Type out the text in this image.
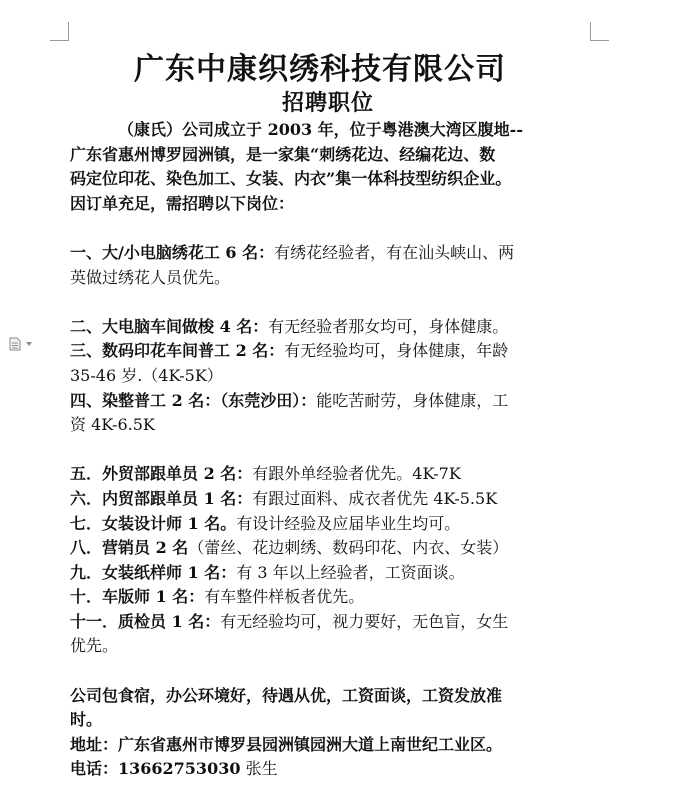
广东中康织绣科技有限公司
招聘职位
（康氏）公司成立于 2003 年，位于粤港澳大湾区腹地--
广东省惠州博罗园洲镇，是一家集“刺绣花边、经编花边、数
码定位印花、染色加工、女装、内衣”集一体科技型纺织企业。
因订单充足，需招聘以下岗位：
一、大/小电脑绣花工 6 名：有绣花经验者，有在汕头峡山、两
英做过绣花人员优先。
二、大电脑车间做梭 4 名：有无经验者那女均可，身体健康。
三、数码印花车间普工 2 名：有无经验均可，身体健康，年龄
35-46 岁.（4K-5K）
四、染整普工 2 名：（东莞沙田）：能吃苦耐劳，身体健康，工
资 4K-6.5K
五．外贸部跟单员 2 名：有跟外单经验者优先。4K-7K
六．内贸部跟单员 1 名：有跟过面料、成衣者优先 4K-5.5K
七．女装设计师 1 名。有设计经验及应届毕业生均可。
八．营销员 2 名（蕾丝、花边刺绣、数码印花、内衣、女装）
九．女装纸样师 1 名：有 3 年以上经验者，工资面谈。
十．车版师 1 名：有车整件样板者优先。
十一．质检员 1 名：有无经验均可，视力要好，无色盲，女生
优先。
公司包食宿，办公环境好，待遇从优，工资面谈，工资发放准
时。
地址：广东省惠州市博罗县园洲镇园洲大道上南世纪工业区。
电话：13662753030 张生
